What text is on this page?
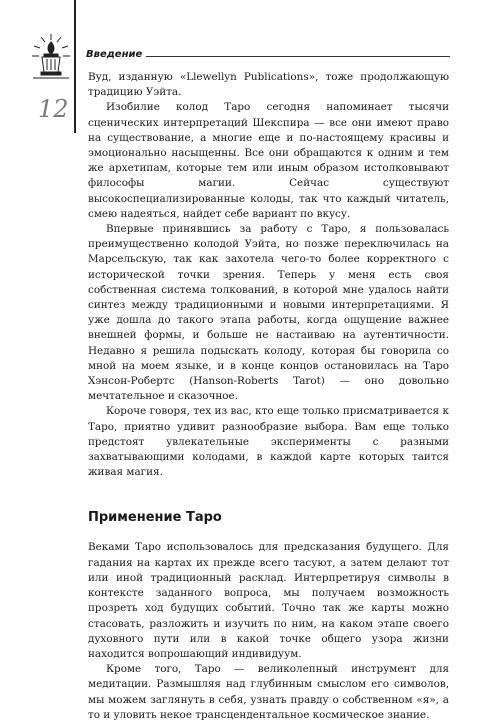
12
Введение

Вуд, изданную «Llewellyn Publications», тоже продолжающую традицию Уэйта.

Изобилие колод Таро сегодня напоминает тысячи сценических интерпретаций Шекспира — все они имеют право на существование, а многие еще и по-настоящему красивы и эмоционально насыщенны. Все они обращаются к одним и тем же архетипам, которые тем или иным образом истолковывают философы магии. Сейчас существуют высокоспециализированные колоды, так что каждый читатель, смею надеяться, найдет себе вариант по вкусу.

Впервые принявшись за работу с Таро, я пользовалась преимущественно колодой Уэйта, но позже переключилась на Марсельскую, так как захотела чего-то более корректного с исторической точки зрения. Теперь у меня есть своя собственная система толкований, в которой мне удалось найти синтез между традиционными и новыми интерпретациями. Я уже дошла до такого этапа работы, когда ощущение важнее внешней формы, и больше не настаиваю на аутентичности. Недавно я решила подыскать колоду, которая бы говорила со мной на моем языке, и в конце концов остановилась на Таро Хэнсон-Робертс (Hanson-Roberts Tarot) — оно довольно мечтательное и сказочное.

Короче говоря, тех из вас, кто еще только присматривается к Таро, приятно удивит разнообразие выбора. Вам еще только предстоят увлекательные эксперименты с разными захватывающими колодами, в каждой карте которых таится живая магия.

Применение Таро

Веками Таро использовалось для предсказания будущего. Для гадания на картах их прежде всего тасуют, а затем делают тот или иной традиционный расклад. Интерпретируя символы в контексте заданного вопроса, мы получаем возможность прозреть ход будущих событий. Точно так же карты можно стасовать, разложить и изучить по ним, на каком этапе своего духовного пути или в какой точке общего узора жизни находится вопрошающий индивидуум.

Кроме того, Таро — великолепный инструмент для медитации. Размышляя над глубинным смыслом его символов, мы можем заглянуть в себя, узнать правду о собственном «я», а то и уловить некое трансцендентальное космическое знание.
